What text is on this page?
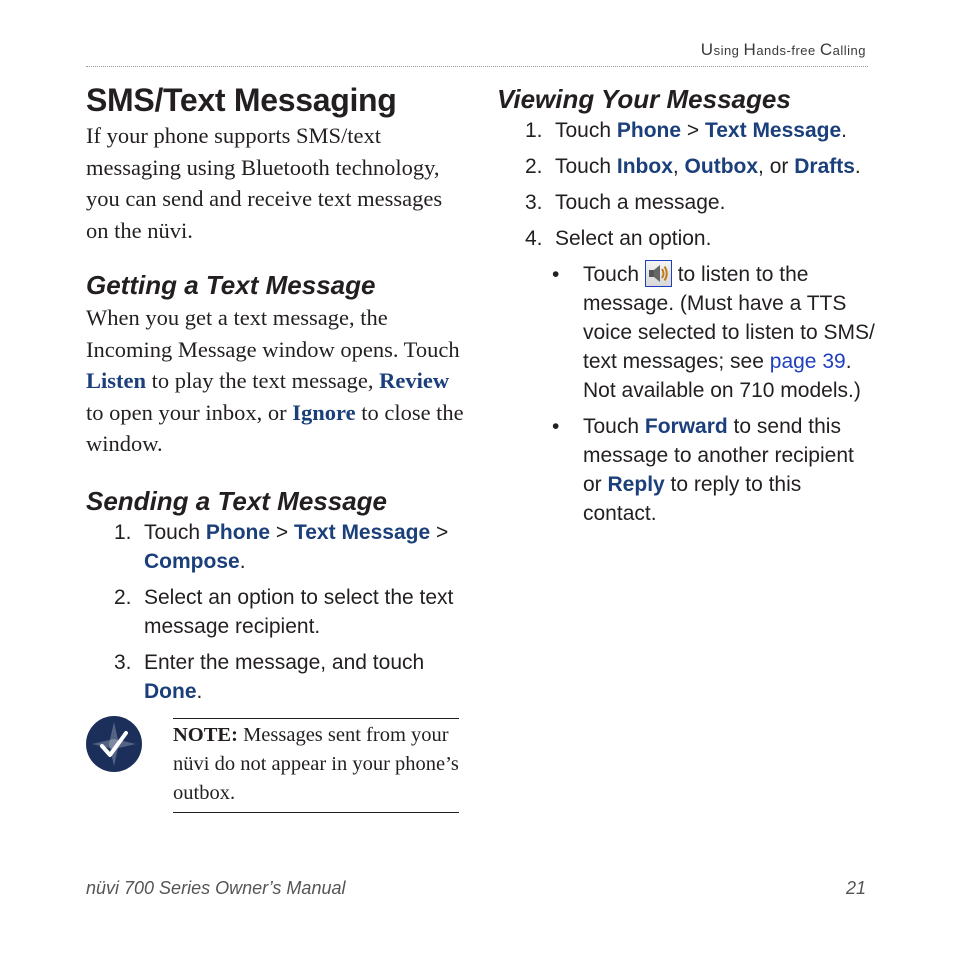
Using Hands-free Calling
SMS/Text Messaging

If your phone supports SMS/text messaging using Bluetooth technology, you can send and receive text messages on the nüvi.

Getting a Text Message

When you get a text message, the Incoming Message window opens. Touch Listen to play the text message, Review to open your inbox, or Ignore to close the window.

Sending a Text Message
1. Touch Phone > Text Message >
Compose.
2. Select an option to select the text message recipient.
3. Enter the message, and touch
Done.

NOTE: Messages sent from your nüvi do not appear in your phone’s outbox.

Viewing Your Messages
1. Touch Phone > Text Message.
2. Touch Inbox, Outbox, or Drafts.
3. Touch a message.
4. Select an option.
• Touch
to listen to the message. (Must have a TTS voice selected to listen to SMS/ text messages; see page 39. Not available on 710 models.)
• Touch Forward to send this message to another recipient or Reply to reply to this contact.
nüvi 700 Series Owner’s Manual	21
